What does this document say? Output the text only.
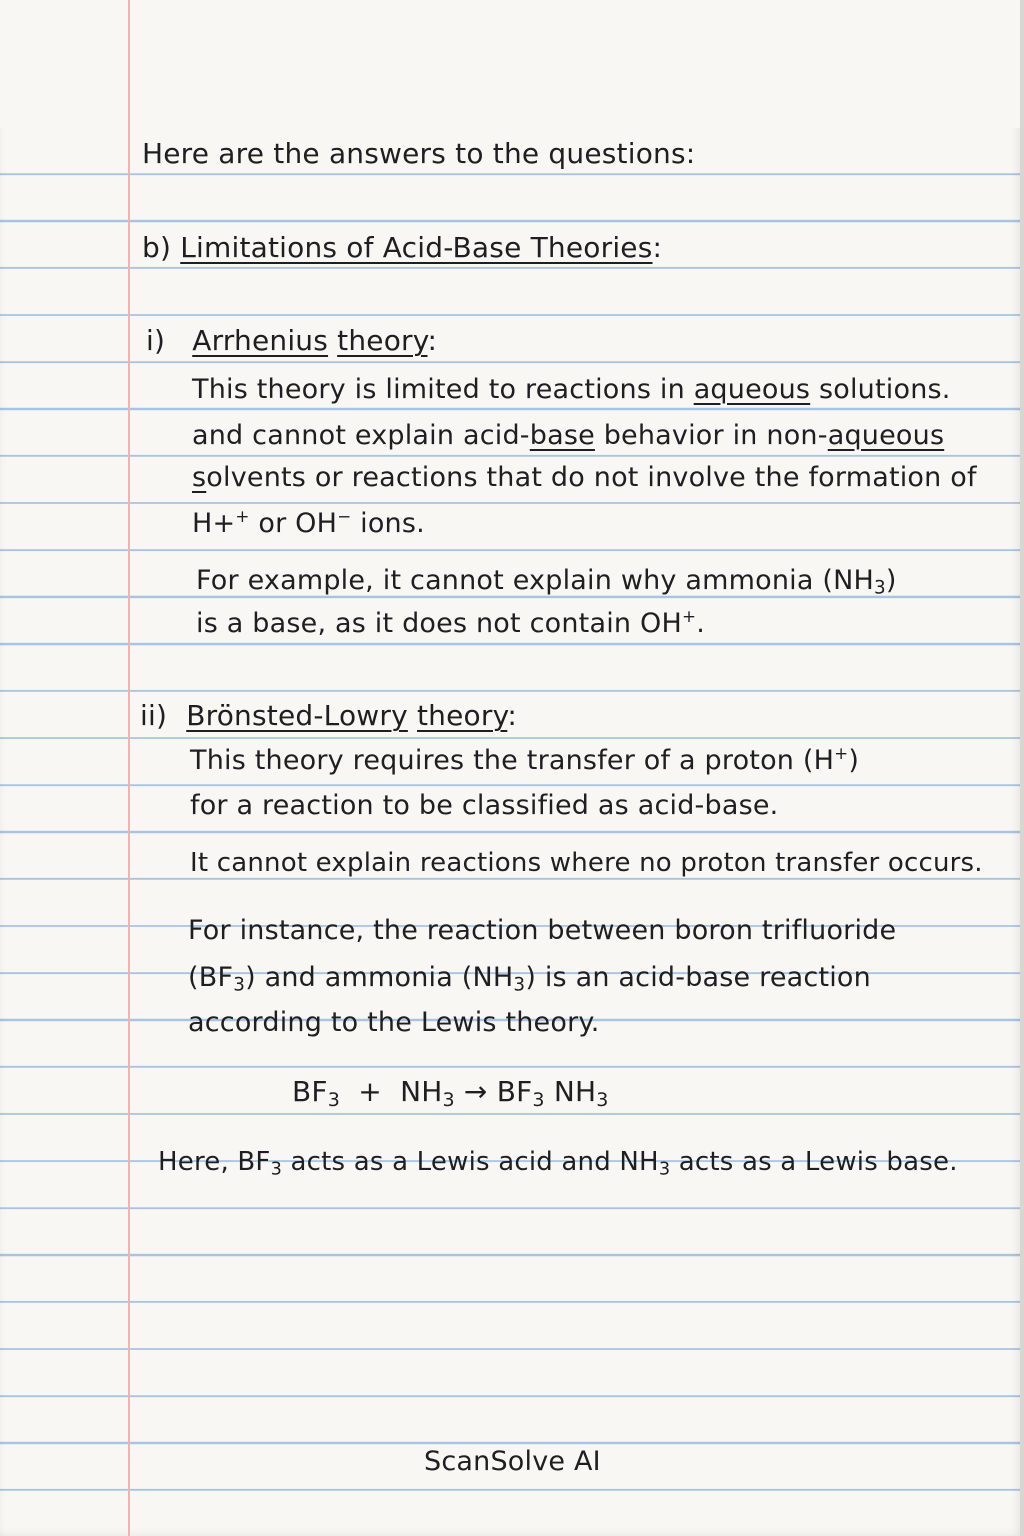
Here are the answers to the questions:
b) Limitations of Acid-Base Theories:
i) Arrhenius theory:
This theory is limited to reactions in aqueous solutions.
and cannot explain acid-base behavior in non-aqueous
solvents or reactions that do not involve the formation of
H++ or OH− ions.
For example, it cannot explain why ammonia $(NH_3)$
is a base, as it does not contain OH+.
ii) Brönsted-Lowry theory:
This theory requires the transfer of a proton (H+)
for a reaction to be classified as acid-base.
It cannot explain reactions where no proton transfer occurs.
For instance, the reaction between boron trifluoride
$(BF_3)$ and ammonia $(NH_3)$ is an acid-base reaction
according to the Lewis theory.
$BF_3 + NH_3 \to BF_3$ $NH_3$
Here, $BF_3$ acts as a Lewis acid and $NH_3$ acts as a Lewis base.
ScanSolve AI
